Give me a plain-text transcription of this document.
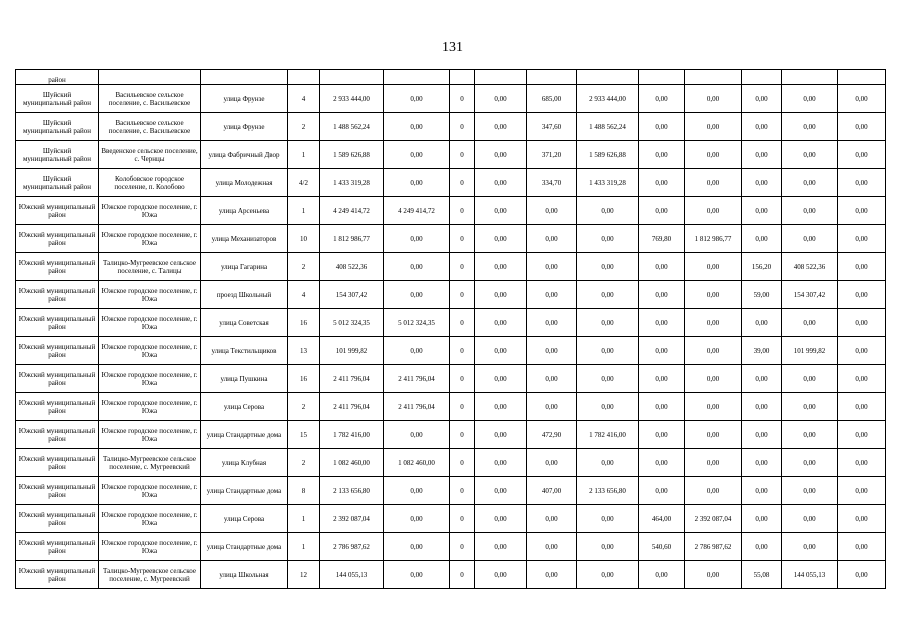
131
район														
Шуйский муниципальный район	Васильевское сельское поселение, с. Васильевское	улица Фрунзе	4	2 933 444,00	0,00	0	0,00	685,00	2 933 444,00	0,00	0,00	0,00	0,00	0,00
Шуйский муниципальный район	Васильевское сельское поселение, с. Васильевское	улица Фрунзе	2	1 488 562,24	0,00	0	0,00	347,60	1 488 562,24	0,00	0,00	0,00	0,00	0,00
Шуйский муниципальный район	Введенское сельское поселение, с. Чернцы	улица Фабричный Двор	1	1 589 626,88	0,00	0	0,00	371,20	1 589 626,88	0,00	0,00	0,00	0,00	0,00
Шуйский муниципальный район	Колобовское городское поселение, п. Колобово	улица Молодежная	4/2	1 433 319,28	0,00	0	0,00	334,70	1 433 319,28	0,00	0,00	0,00	0,00	0,00
Южский муниципальный район	Южское городское поселение, г. Южа	улица Арсеньева	1	4 249 414,72	4 249 414,72	0	0,00	0,00	0,00	0,00	0,00	0,00	0,00	0,00
Южский муниципальный район	Южское городское поселение, г. Южа	улица Механизаторов	10	1 812 986,77	0,00	0	0,00	0,00	0,00	769,80	1 812 986,77	0,00	0,00	0,00
Южский муниципальный район	Талицко-Мугреевское сельское поселение, с. Талицы	улица Гагарина	2	408 522,36	0,00	0	0,00	0,00	0,00	0,00	0,00	156,20	408 522,36	0,00
Южский муниципальный район	Южское городское поселение, г. Южа	проезд Школьный	4	154 307,42	0,00	0	0,00	0,00	0,00	0,00	0,00	59,00	154 307,42	0,00
Южский муниципальный район	Южское городское поселение, г. Южа	улица Советская	16	5 012 324,35	5 012 324,35	0	0,00	0,00	0,00	0,00	0,00	0,00	0,00	0,00
Южский муниципальный район	Южское городское поселение, г. Южа	улица Текстильщиков	13	101 999,82	0,00	0	0,00	0,00	0,00	0,00	0,00	39,00	101 999,82	0,00
Южский муниципальный район	Южское городское поселение, г. Южа	улица Пушкина	16	2 411 796,04	2 411 796,04	0	0,00	0,00	0,00	0,00	0,00	0,00	0,00	0,00
Южский муниципальный район	Южское городское поселение, г. Южа	улица Серова	2	2 411 796,04	2 411 796,04	0	0,00	0,00	0,00	0,00	0,00	0,00	0,00	0,00
Южский муниципальный район	Южское городское поселение, г. Южа	улица Стандартные дома	15	1 782 416,00	0,00	0	0,00	472,90	1 782 416,00	0,00	0,00	0,00	0,00	0,00
Южский муниципальный район	Талицко-Мугреевское сельское поселение, с. Мугреевский	улица Клубная	2	1 082 460,00	1 082 460,00	0	0,00	0,00	0,00	0,00	0,00	0,00	0,00	0,00
Южский муниципальный район	Южское городское поселение, г. Южа	улица Стандартные дома	8	2 133 656,80	0,00	0	0,00	407,00	2 133 656,80	0,00	0,00	0,00	0,00	0,00
Южский муниципальный район	Южское городское поселение, г. Южа	улица Серова	1	2 392 087,04	0,00	0	0,00	0,00	0,00	464,00	2 392 087,04	0,00	0,00	0,00
Южский муниципальный район	Южское городское поселение, г. Южа	улица Стандартные дома	1	2 786 987,62	0,00	0	0,00	0,00	0,00	540,60	2 786 987,62	0,00	0,00	0,00
Южский муниципальный район	Талицко-Мугреевское сельское поселение, с. Мугреевский	улица Школьная	12	144 055,13	0,00	0	0,00	0,00	0,00	0,00	0,00	55,08	144 055,13	0,00
